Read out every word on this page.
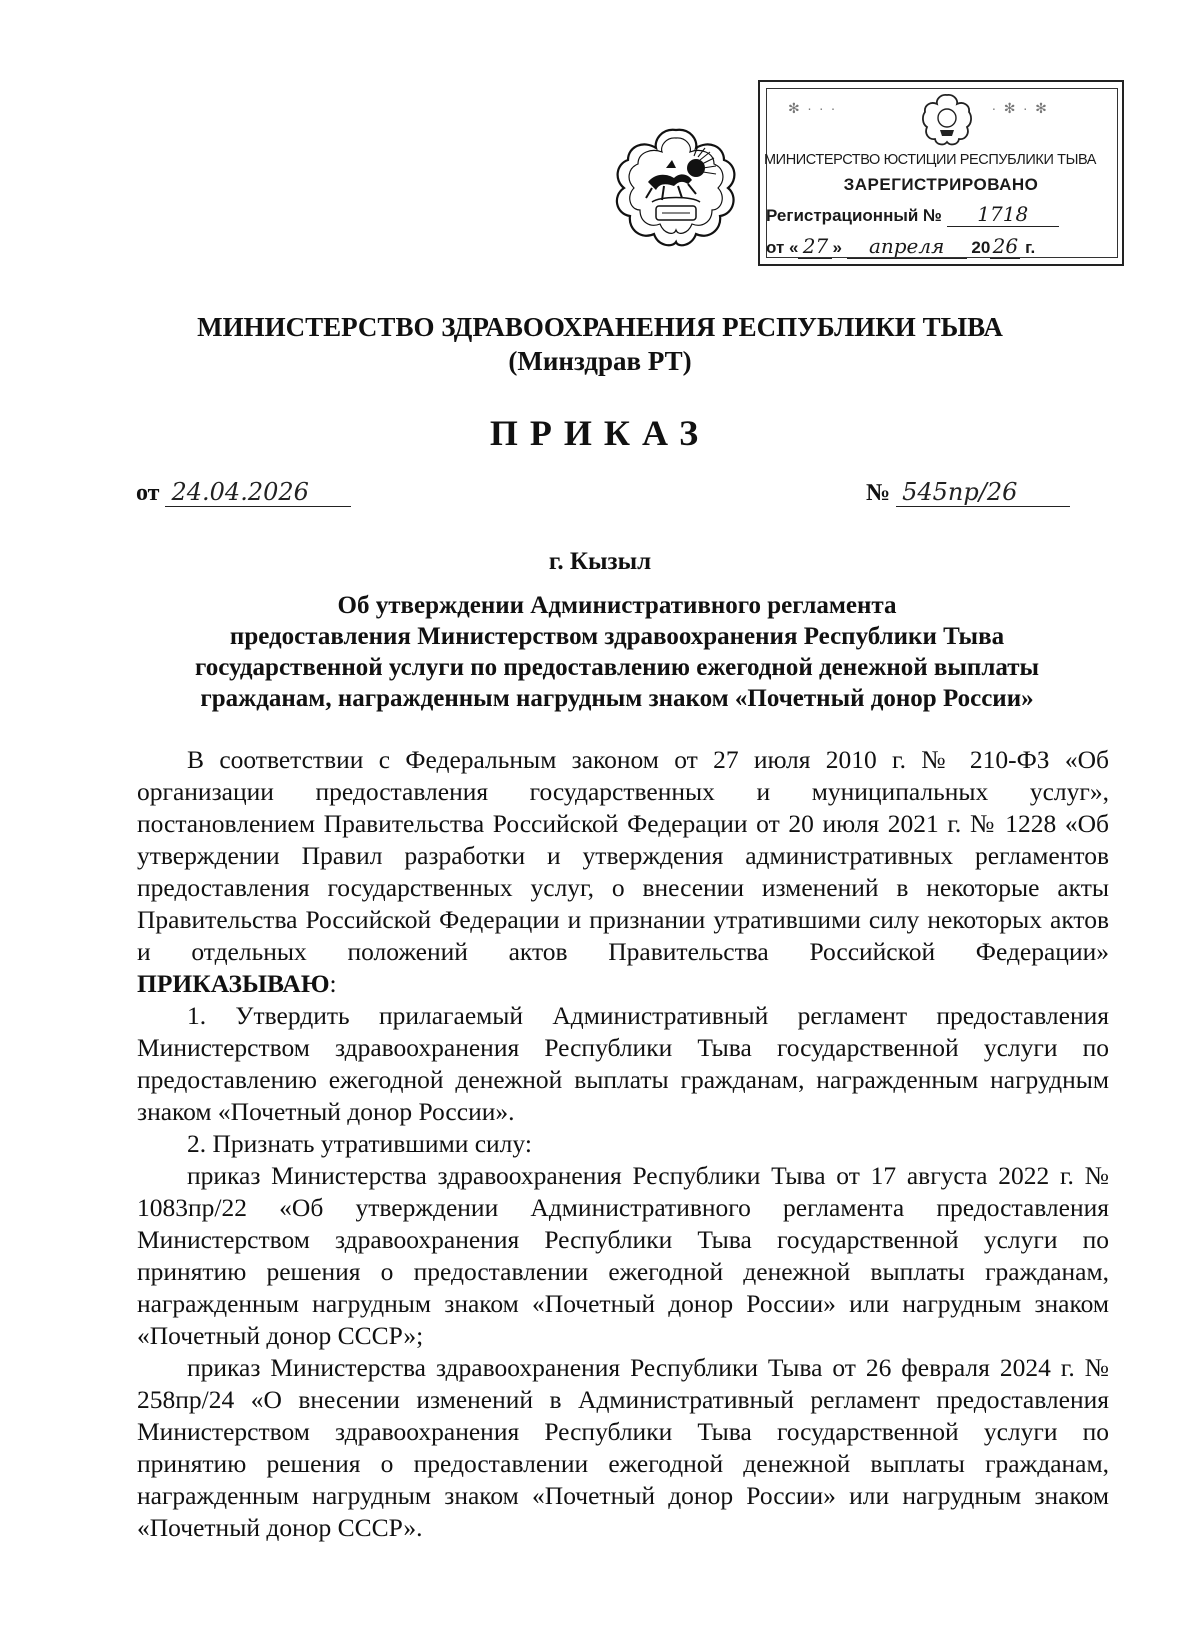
✻ ∙ ∙ ∙	∙ ✻ ∙ ✻
МИНИСТЕРСТВО ЮСТИЦИИ РЕСПУБЛИКИ ТЫВА
ЗАРЕГИСТРИРОВАНО
Регистрационный № 1718
от « 27 » апреля 20 26 г.
МИНИСТЕРСТВО ЗДРАВООХРАНЕНИЯ РЕСПУБЛИКИ ТЫВА
(Минздрав РТ)
ПРИКАЗ
от 24.04.2026	№ 545пр/26
г. Кызыл
Об утверждении Административного регламента
предоставления Министерством здравоохранения Республики Тыва
государственной услуги по предоставлению ежегодной денежной выплаты
гражданам, награжденным нагрудным знаком «Почетный донор России»
В соответствии с Федеральным законом от 27 июля 2010 г. № 210-ФЗ «Об организации предоставления государственных и муниципальных услуг», постановлением Правительства Российской Федерации от 20 июля 2021 г. № 1228 «Об утверждении Правил разработки и утверждения административных регламентов предоставления государственных услуг, о внесении изменений в некоторые акты Правительства Российской Федерации и признании утратившими силу некоторых актов и отдельных положений актов Правительства Российской Федерации» ПРИКАЗЫВАЮ:
1. Утвердить прилагаемый Административный регламент предоставления Министерством здравоохранения Республики Тыва государственной услуги по предоставлению ежегодной денежной выплаты гражданам, награжденным нагрудным знаком «Почетный донор России».
2. Признать утратившими силу:
приказ Министерства здравоохранения Республики Тыва от 17 августа 2022 г. № 1083пр/22 «Об утверждении Административного регламента предоставления Министерством здравоохранения Республики Тыва государственной услуги по принятию решения о предоставлении ежегодной денежной выплаты гражданам, награжденным нагрудным знаком «Почетный донор России» или нагрудным знаком «Почетный донор СССР»;
приказ Министерства здравоохранения Республики Тыва от 26 февраля 2024 г. № 258пр/24 «О внесении изменений в Административный регламент предоставления Министерством здравоохранения Республики Тыва государственной услуги по принятию решения о предоставлении ежегодной денежной выплаты гражданам, награжденным нагрудным знаком «Почетный донор России» или нагрудным знаком «Почетный донор СССР».
